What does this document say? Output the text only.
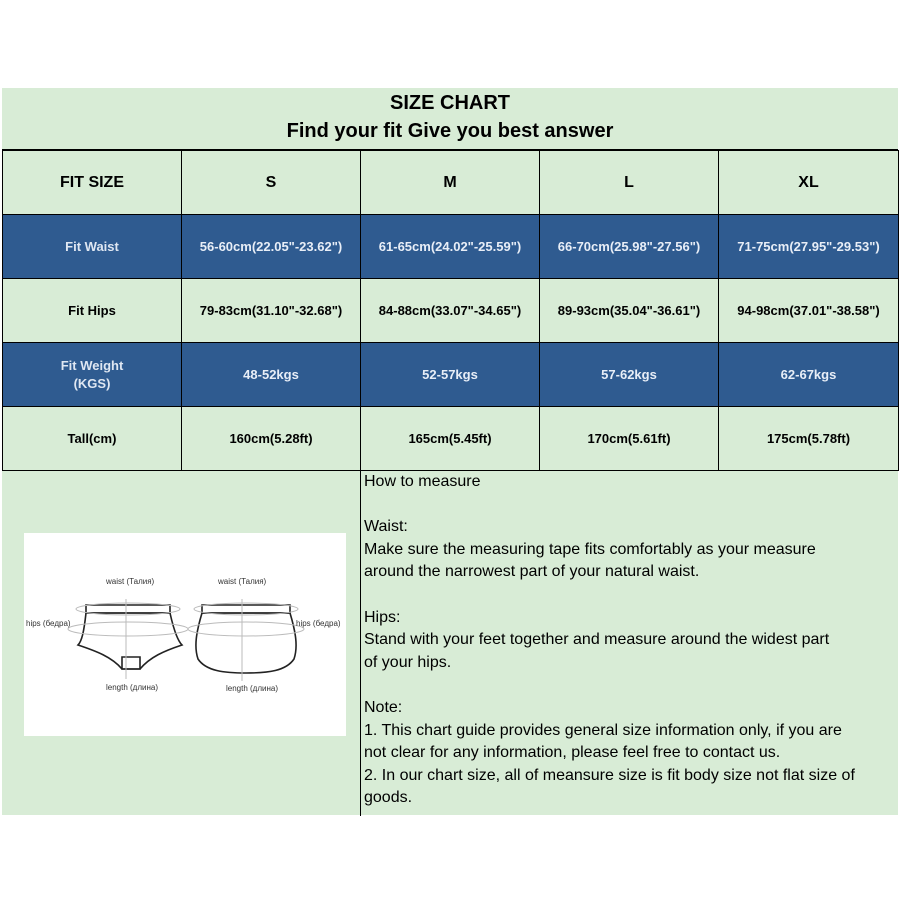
SIZE CHART
Find your fit Give you best answer
FIT SIZE	S	M	L	XL
Fit Waist	56-60cm(22.05"-23.62")	61-65cm(24.02"-25.59")	66-70cm(25.98"-27.56")	71-75cm(27.95"-29.53")
Fit Hips	79-83cm(31.10"-32.68")	84-88cm(33.07"-34.65")	89-93cm(35.04"-36.61")	94-98cm(37.01"-38.58")

Fit Weight
(KGS)	48-52kgs	52-57kgs	57-62kgs	62-67kgs
Tall(cm)	160cm(5.28ft)	165cm(5.45ft)	170cm(5.61ft)	175cm(5.78ft)
waist (Талия)	waist (Талия)
hips (бедра)	hips (бедра)
length (длина)	length (длина)

How to measure

Waist:

Make sure the measuring tape fits comfortably as your measure

around the narrowest part of your natural waist.

Hips:

Stand with your feet together and measure around the widest part

of your hips.

Note:

1. This chart guide provides general size information only, if you are

not clear for any information, please feel free to contact us.

2. In our chart size, all of meansure size is fit body size not flat size of

goods.
